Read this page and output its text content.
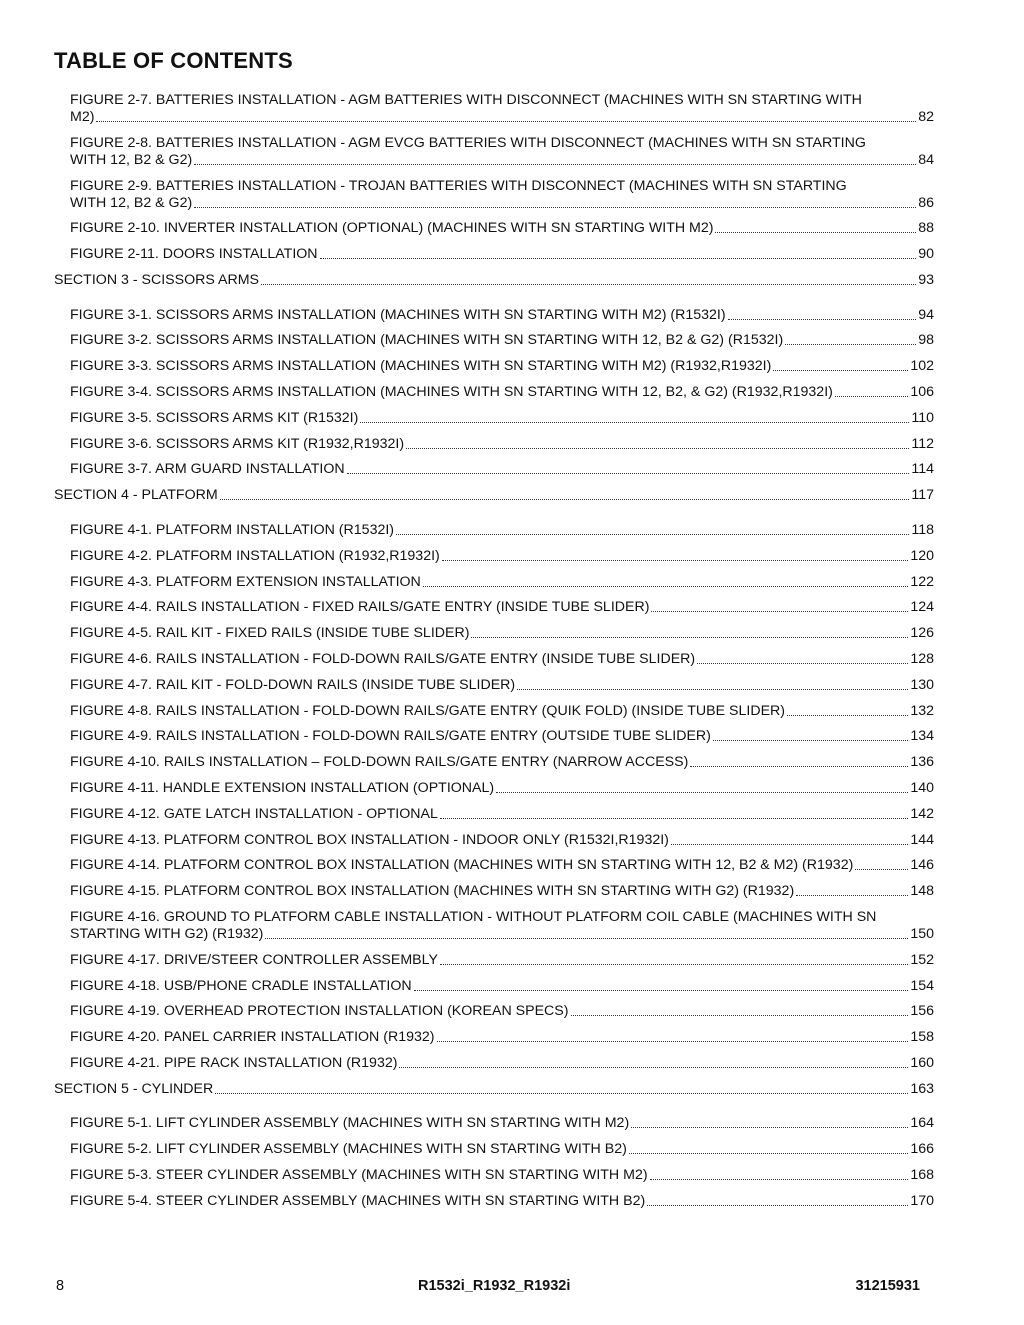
TABLE OF CONTENTS
FIGURE 2-7. BATTERIES INSTALLATION - AGM BATTERIES WITH DISCONNECT (MACHINES WITH SN STARTING WITH
M2)	82
FIGURE 2-8. BATTERIES INSTALLATION - AGM EVCG BATTERIES WITH DISCONNECT (MACHINES WITH SN STARTING
WITH 12, B2 & G2)	84
FIGURE 2-9. BATTERIES INSTALLATION - TROJAN BATTERIES WITH DISCONNECT (MACHINES WITH SN STARTING
WITH 12, B2 & G2)	86
FIGURE 2-10. INVERTER INSTALLATION (OPTIONAL) (MACHINES WITH SN STARTING WITH M2)	88
FIGURE 2-11. DOORS INSTALLATION	90
SECTION 3 - SCISSORS ARMS	93
FIGURE 3-1. SCISSORS ARMS INSTALLATION (MACHINES WITH SN STARTING WITH M2) (R1532I)	94
FIGURE 3-2. SCISSORS ARMS INSTALLATION (MACHINES WITH SN STARTING WITH 12, B2 & G2) (R1532I)	98
FIGURE 3-3. SCISSORS ARMS INSTALLATION (MACHINES WITH SN STARTING WITH M2) (R1932,R1932I)	102
FIGURE 3-4. SCISSORS ARMS INSTALLATION (MACHINES WITH SN STARTING WITH 12, B2, & G2) (R1932,R1932I)	106
FIGURE 3-5. SCISSORS ARMS KIT (R1532I)	110
FIGURE 3-6. SCISSORS ARMS KIT (R1932,R1932I)	112
FIGURE 3-7. ARM GUARD INSTALLATION	114
SECTION 4 - PLATFORM	117
FIGURE 4-1. PLATFORM INSTALLATION (R1532I)	118
FIGURE 4-2. PLATFORM INSTALLATION (R1932,R1932I)	120
FIGURE 4-3. PLATFORM EXTENSION INSTALLATION	122
FIGURE 4-4. RAILS INSTALLATION - FIXED RAILS/GATE ENTRY (INSIDE TUBE SLIDER)	124
FIGURE 4-5. RAIL KIT - FIXED RAILS (INSIDE TUBE SLIDER)	126
FIGURE 4-6. RAILS INSTALLATION - FOLD-DOWN RAILS/GATE ENTRY (INSIDE TUBE SLIDER)	128
FIGURE 4-7. RAIL KIT - FOLD-DOWN RAILS (INSIDE TUBE SLIDER)	130
FIGURE 4-8. RAILS INSTALLATION - FOLD-DOWN RAILS/GATE ENTRY (QUIK FOLD) (INSIDE TUBE SLIDER)	132
FIGURE 4-9. RAILS INSTALLATION - FOLD-DOWN RAILS/GATE ENTRY (OUTSIDE TUBE SLIDER)	134
FIGURE 4-10. RAILS INSTALLATION – FOLD-DOWN RAILS/GATE ENTRY (NARROW ACCESS)	136
FIGURE 4-11. HANDLE EXTENSION INSTALLATION (OPTIONAL)	140
FIGURE 4-12. GATE LATCH INSTALLATION - OPTIONAL	142
FIGURE 4-13. PLATFORM CONTROL BOX INSTALLATION - INDOOR ONLY (R1532I,R1932I)	144
FIGURE 4-14. PLATFORM CONTROL BOX INSTALLATION (MACHINES WITH SN STARTING WITH 12, B2 & M2) (R1932)	146
FIGURE 4-15. PLATFORM CONTROL BOX INSTALLATION (MACHINES WITH SN STARTING WITH G2) (R1932)	148
FIGURE 4-16. GROUND TO PLATFORM CABLE INSTALLATION - WITHOUT PLATFORM COIL CABLE (MACHINES WITH SN
STARTING WITH G2) (R1932)	150
FIGURE 4-17. DRIVE/STEER CONTROLLER ASSEMBLY	152
FIGURE 4-18. USB/PHONE CRADLE INSTALLATION	154
FIGURE 4-19. OVERHEAD PROTECTION INSTALLATION (KOREAN SPECS)	156
FIGURE 4-20. PANEL CARRIER INSTALLATION (R1932)	158
FIGURE 4-21. PIPE RACK INSTALLATION (R1932)	160
SECTION 5 - CYLINDER	163
FIGURE 5-1. LIFT CYLINDER ASSEMBLY (MACHINES WITH SN STARTING WITH M2)	164
FIGURE 5-2. LIFT CYLINDER ASSEMBLY (MACHINES WITH SN STARTING WITH B2)	166
FIGURE 5-3. STEER CYLINDER ASSEMBLY (MACHINES WITH SN STARTING WITH M2)	168
FIGURE 5-4. STEER CYLINDER ASSEMBLY (MACHINES WITH SN STARTING WITH B2)	170
8	R1532i_R1932_R1932i	31215931
